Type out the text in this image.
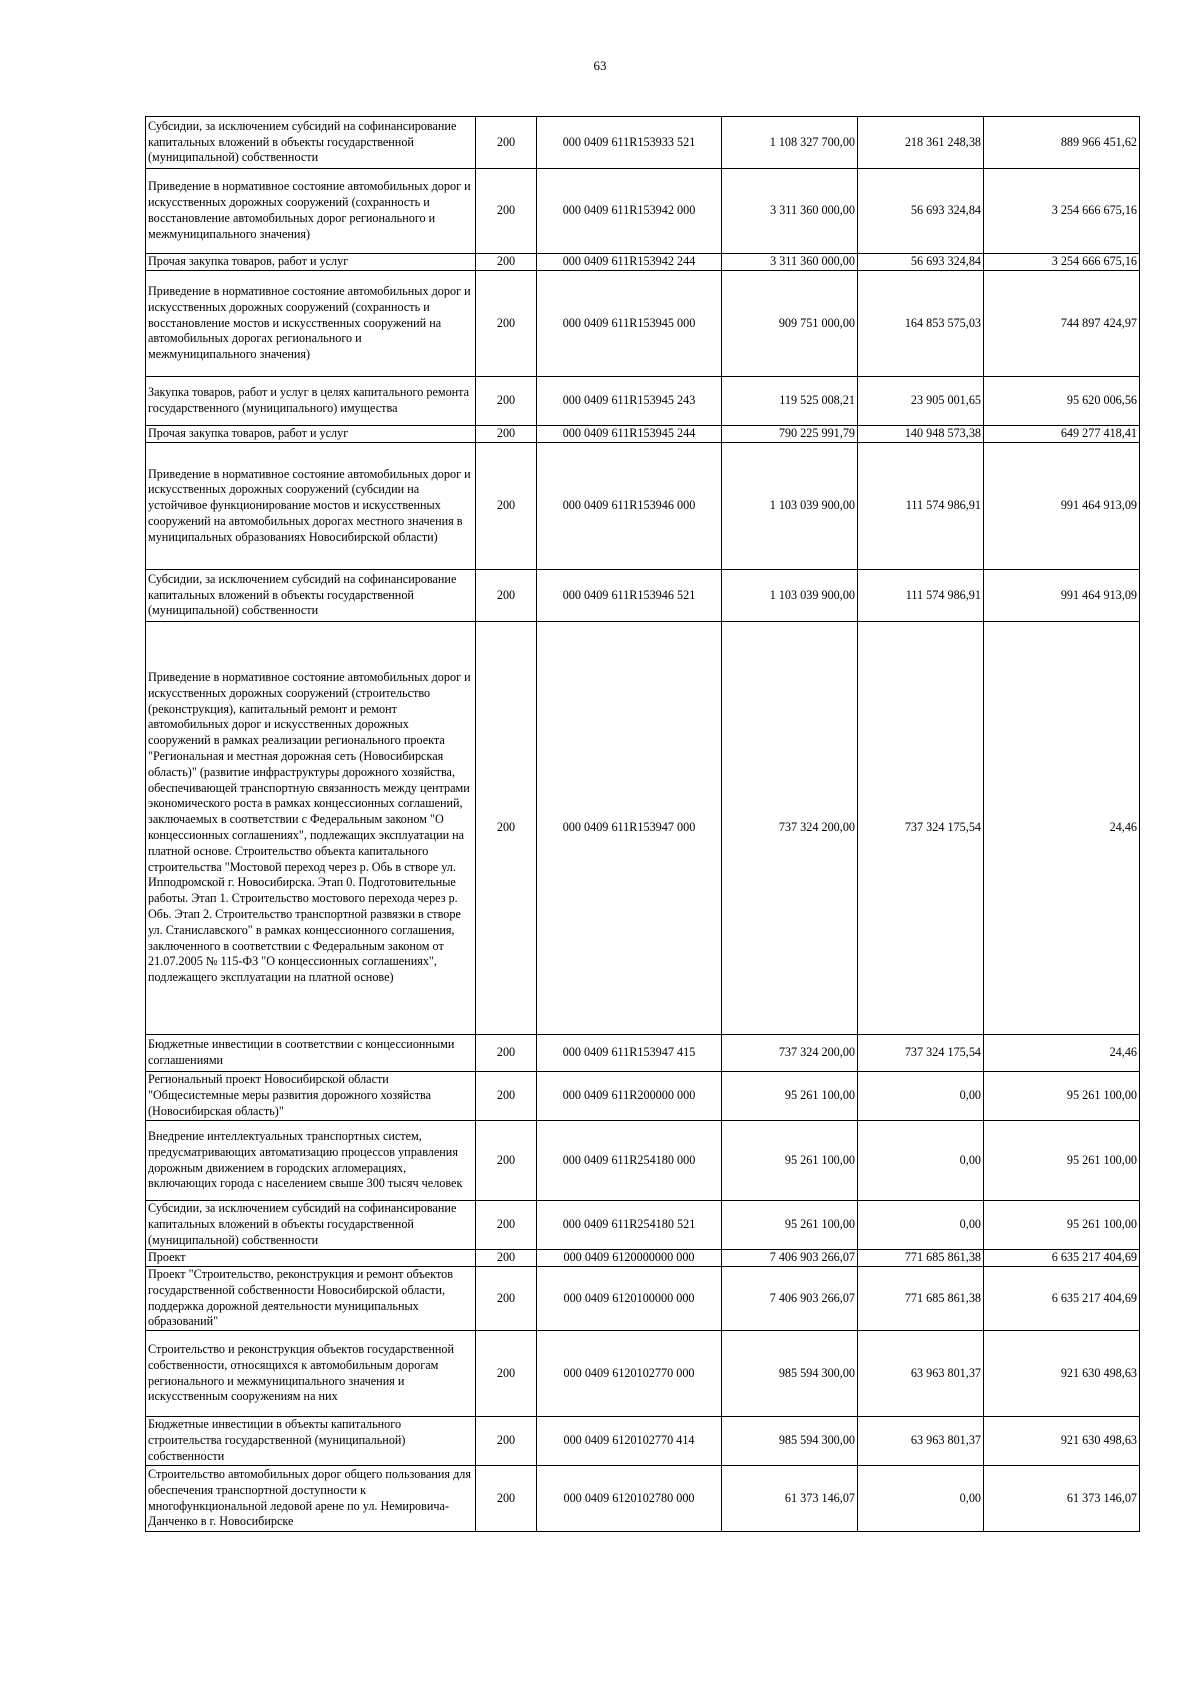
63
Субсидии, за исключением субсидий на софинансирование капитальных вложений в объекты государственной (муниципальной) собственности	200	000 0409 611R153933 521	1 108 327 700,00	218 361 248,38	889 966 451,62
Приведение в нормативное состояние автомобильных дорог и искусственных дорожных сооружений (сохранность и восстановление автомобильных дорог регионального и межмуниципального значения)	200	000 0409 611R153942 000	3 311 360 000,00	56 693 324,84	3 254 666 675,16
Прочая закупка товаров, работ и услуг	200	000 0409 611R153942 244	3 311 360 000,00	56 693 324,84	3 254 666 675,16
Приведение в нормативное состояние автомобильных дорог и искусственных дорожных сооружений (сохранность и восстановление мостов и искусственных сооружений на автомобильных дорогах регионального и межмуниципального значения)	200	000 0409 611R153945 000	909 751 000,00	164 853 575,03	744 897 424,97
Закупка товаров, работ и услуг в целях капитального ремонта государственного (муниципального) имущества	200	000 0409 611R153945 243	119 525 008,21	23 905 001,65	95 620 006,56
Прочая закупка товаров, работ и услуг	200	000 0409 611R153945 244	790 225 991,79	140 948 573,38	649 277 418,41
Приведение в нормативное состояние автомобильных дорог и искусственных дорожных сооружений (субсидии на устойчивое функционирование мостов и искусственных сооружений на автомобильных дорогах местного значения в муниципальных образованиях Новосибирской области)	200	000 0409 611R153946 000	1 103 039 900,00	111 574 986,91	991 464 913,09
Субсидии, за исключением субсидий на софинансирование капитальных вложений в объекты государственной (муниципальной) собственности	200	000 0409 611R153946 521	1 103 039 900,00	111 574 986,91	991 464 913,09
Приведение в нормативное состояние автомобильных дорог и искусственных дорожных сооружений (строительство (реконструкция), капитальный ремонт и ремонт автомобильных дорог и искусственных дорожных сооружений в рамках реализации регионального проекта "Региональная и местная дорожная сеть (Новосибирская область)" (развитие инфраструктуры дорожного хозяйства, обеспечивающей транспортную связанность между центрами экономического роста в рамках концессионных соглашений, заключаемых в соответствии с Федеральным законом "О концессионных соглашениях", подлежащих эксплуатации на платной основе. Строительство объекта капитального строительства "Мостовой переход через р. Обь в створе ул. Ипподромской г. Новосибирска. Этап 0. Подготовительные работы. Этап 1. Строительство мостового перехода через р. Обь. Этап 2. Строительство транспортной развязки в створе ул. Станиславского" в рамках концессионного соглашения, заключенного в соответствии с Федеральным законом от 21.07.2005 № 115-ФЗ "О концессионных соглашениях", подлежащего эксплуатации на платной основе)	200	000 0409 611R153947 000	737 324 200,00	737 324 175,54	24,46
Бюджетные инвестиции в соответствии с концессионными соглашениями	200	000 0409 611R153947 415	737 324 200,00	737 324 175,54	24,46
Региональный проект Новосибирской области "Общесистемные меры развития дорожного хозяйства (Новосибирская область)"	200	000 0409 611R200000 000	95 261 100,00	0,00	95 261 100,00
Внедрение интеллектуальных транспортных систем, предусматривающих автоматизацию процессов управления дорожным движением в городских агломерациях, включающих города с населением свыше 300 тысяч человек	200	000 0409 611R254180 000	95 261 100,00	0,00	95 261 100,00
Субсидии, за исключением субсидий на софинансирование капитальных вложений в объекты государственной (муниципальной) собственности	200	000 0409 611R254180 521	95 261 100,00	0,00	95 261 100,00
Проект	200	000 0409 6120000000 000	7 406 903 266,07	771 685 861,38	6 635 217 404,69
Проект "Строительство, реконструкция и ремонт объектов государственной собственности Новосибирской области, поддержка дорожной деятельности муниципальных образований"	200	000 0409 6120100000 000	7 406 903 266,07	771 685 861,38	6 635 217 404,69
Строительство и реконструкция объектов государственной собственности, относящихся к автомобильным дорогам регионального и межмуниципального значения и искусственным сооружениям на них	200	000 0409 6120102770 000	985 594 300,00	63 963 801,37	921 630 498,63
Бюджетные инвестиции в объекты капитального строительства государственной (муниципальной) собственности	200	000 0409 6120102770 414	985 594 300,00	63 963 801,37	921 630 498,63
Строительство автомобильных дорог общего пользования для обеспечения транспортной доступности к многофункциональной ледовой арене по ул. Немировича-Данченко в г. Новосибирске	200	000 0409 6120102780 000	61 373 146,07	0,00	61 373 146,07
